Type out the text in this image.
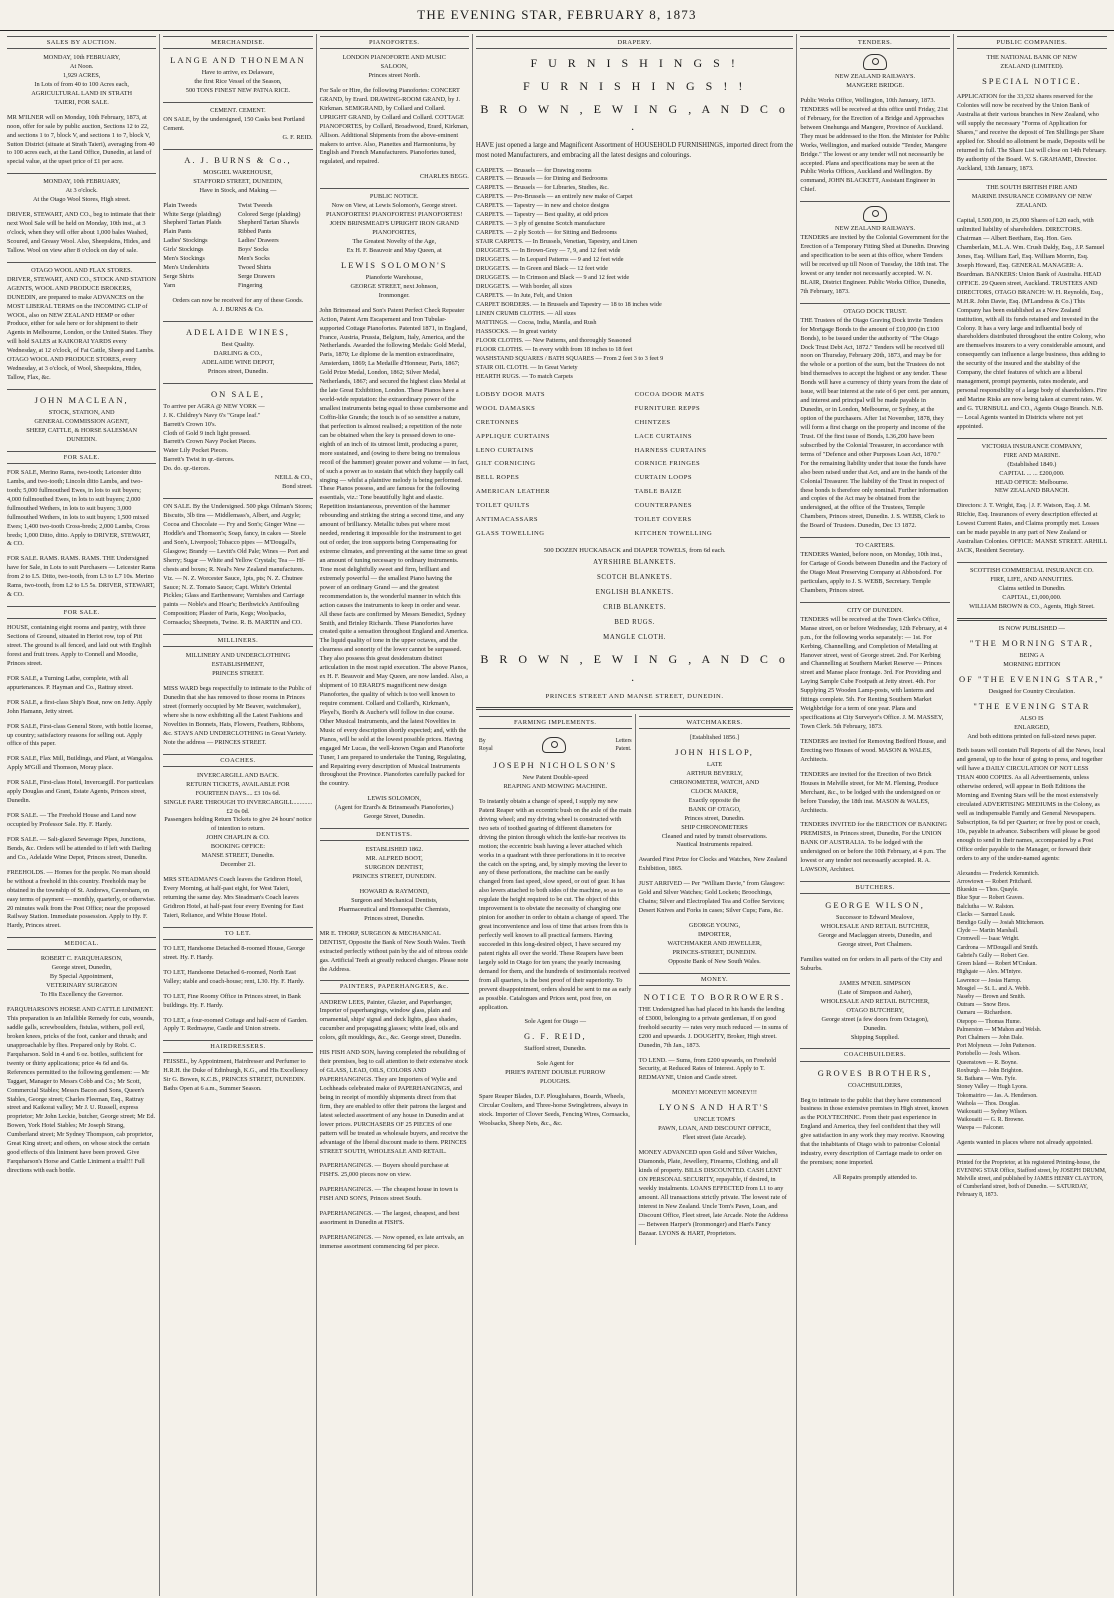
THE EVENING STAR, FEBRUARY 8, 1873
SALES BY AUCTION.
MONDAY, 10th FEBRUARY,
At Noon.
1,929 ACRES,
In Lots of from 40 to 100 Acres each,
AGRICULTURAL LAND IN STRATH
TAIERI, FOR SALE.
MR M'ILNER will on Monday, 10th February, 1873, at noon, offer for sale by public auction, Sections 12 to 22, and sections 1 to 7, block V, and sections 1 to 7, block V, Sutton District (situate at Strath Taieri), averaging from 40 to 100 acres each, at the Land Office, Dunedin, at land of special value, at the upset price of £1 per acre.
MONDAY, 10th FEBRUARY,
At 3 o'clock.
At the Otago Wool Stores, High street.
DRIVER, STEWART, AND CO., beg to intimate that their next Wool Sale will be held on Monday, 10th inst., at 3 o'clock, when they will offer about 1,000 bales Washed, Scoured, and Greasy Wool. Also, Sheepskins, Hides, and Tallow. Wool on view after 8 o'clock on day of sale.
OTAGO WOOL AND FLAX STORES.
DRIVER, STEWART, AND CO., STOCK AND STATION AGENTS, WOOL AND PRODUCE BROKERS, DUNEDIN, are prepared to make ADVANCES on the MOST LIBERAL TERMS on the INCOMING CLIP of WOOL, also on NEW ZEALAND HEMP or other Produce, either for sale here or for shipment to their Agents in Melbourne, London, or the United States. They will hold SALES at KAIKORAI YARDS every Wednesday, at 12 o'clock, of Fat Cattle, Sheep and Lambs. OTAGO WOOL AND PRODUCE STORES, every Wednesday, at 3 o'clock, of Wool, Sheepskins, Hides, Tallow, Flax, &c.
JOHN MACLEAN,
STOCK, STATION, AND
GENERAL COMMISSION AGENT,
SHEEP, CATTLE, & HORSE SALESMAN
DUNEDIN.
FOR SALE.
FOR SALE, Merino Rams, two-tooth; Leicester ditto Lambs, and two-tooth; Lincoln ditto Lambs, and two-tooth; 5,000 fullmouthed Ewes, in lots to suit buyers; 4,000 fullmouthed Ewes, in lots to suit buyers; 2,000 fullmouthed Wethers, in lots to suit buyers; 3,000 fullmouthed Wethers, in lots to suit buyers; 1,500 mixed Ewes; 1,400 two-tooth Cross-breds; 2,000 Lambs, Cross breds; 1,000 Ditto, ditto. Apply to DRIVER, STEWART, & CO.
FOR SALE. RAMS. RAMS. RAMS. THE Undersigned have for Sale, in Lots to suit Purchasers — Leicester Rams from 2 to L5. Ditto, two-tooth, from L3 to L7 10s. Merino Rams, two-tooth, from L2 to L5 5s. DRIVER, STEWART, & CO.
FOR SALE.
HOUSE, containing eight rooms and pantry, with three Sections of Ground, situated in Heriot row, top of Pitt street. The ground is all fenced, and laid out with English forest and fruit trees. Apply to Connell and Moodie, Princes street.
FOR SALE, a Turning Lathe, complete, with all appurtenances. P. Hayman and Co., Rattray street.
FOR SALE, a first-class Ship's Boat, now on Jetty. Apply John Hamann, Jetty street.
FOR SALE, First-class General Store, with bottle license, up country; satisfactory reasons for selling out. Apply office of this paper.
FOR SALE, Flax Mill, Buildings, and Plant, at Wangaloa. Apply M'Gill and Thomson, Moray place.
FOR SALE, First-class Hotel, Invercargill. For particulars apply Douglas and Grant, Estate Agents, Princes street, Dunedin.
FOR SALE. — The Freehold House and Land now occupied by Professor Sale. Hy. F. Hardy.
FOR SALE. — Salt-glazed Sewerage Pipes, Junctions, Bends, &c. Orders will be attended to if left with Darling and Co., Adelaide Wine Depot, Princes street, Dunedin.
FREEHOLDS. — Homes for the people. No man should be without a freehold in this country. Freeholds may be obtained in the township of St. Andrews, Caversham, on easy terms of payment — monthly, quarterly, or otherwise. 20 minutes walk from the Post Office; near the proposed Railway Station. Immediate possession. Apply to Hy. F. Hardy, Princes street.
MEDICAL.
ROBERT C. FARQUHARSON,
George street, Dunedin,
By Special Appointment,
VETERINARY SURGEON
To His Excellency the Governor.
FARQUHARSON'S HORSE AND CATTLE LINIMENT. This preparation is an Infallible Remedy for cuts, wounds, saddle galls, screwboulders, fistulas, withers, poll evil, broken knees, pricks of the foot, canker and thrush; and unapproachable by flies. Prepared only by Robt. C. Farquharson. Sold in 4 and 6 oz. bottles, sufficient for twenty or thirty applications; price 4s 6d and 6s. References permitted to the following gentlemen: — Mr Taggart, Manager to Messrs Cobb and Co.; Mr Scott, Commercial Stables; Messrs Bacon and Sons, Queen's Stables, George street; Charles Fleeman, Esq., Rattray street and Kaikorai valley; Mr J. U. Russell, express proprietor; Mr John Leckie, butcher, George street; Mr Ed. Bowen, York Hotel Stables; Mr Joseph Strang, Cumberland street; Mr Sydney Thompson, cab proprietor, Great King street; and others, on whose stock the certain good effects of this liniment have been proved. Give Farquharson's Horse and Cattle Liniment a trial!!! Full directions with each bottle.
MERCHANDISE.
LANGE AND THONEMAN
Have to arrive, ex Delaware,
the first Rice Vessel of the Season,
500 TONS FINEST NEW PATNA RICE.
CEMENT. CEMENT.
ON SALE, by the undersigned, 150 Casks best Portland Cement.
G. F. REID.
A. J. BURNS & Co.,
MOSGIEL WAREHOUSE,
STAFFORD STREET, DUNEDIN,
Have in Stock, and Making —
Plain Tweeds	Twist Tweeds
White Serge (plaiding)	Colored Serge (plaiding)
Shepherd Tartan Plaids	Shepherd Tartan Shawls
Plain Pants	Ribbed Pants
Ladies' Stockings	Ladies' Drawers
Girls' Stockings	Boys' Socks
Men's Stockings	Men's Socks
Men's Undershirts	Twoed Shirts
Serge Shirts	Serge Drawers
Yarn	Fingering
Orders can now be received for any of these Goods.
A. J. BURNS & Co.
ADELAIDE WINES,
Best Quality.
DARLING & CO.,
ADELAIDE WINE DEPOT,
Princes street, Dunedin.
ON SALE,
To arrive per AGRA @ NEW YORK —
J. K. Childrey's Navy 6's "Grape leaf."
Barrett's Crown 10's.
Cloth of Gold 9 inch light pressed.
Barrett's Crown Navy Pocket Pieces.
Water Lily Pocket Pieces.
Barrett's Twist in qr.-tierces.
Do. do. qr.-tierces.
NEILL & CO.,
Bond street.
ON SALE. By the Undersigned. 500 pkgs Oilman's Stores; Biscuits, 3lb tins — Middlemass's, Albert, and Argyle; Cocoa and Chocolate — Fry and Son's; Ginger Wine — Hoddle's and Thomson's; Soap, fancy, in cakes — Steele and Son's, Liverpool; Tobacco pipes — M'Dougall's, Glasgow; Brandy — Levitt's Old Pale; Wines — Port and Sherry; Sugar — White and Yellow Crystals; Tea — Hf-chests and boxes; R. Neal's New Zealand manufactures. Viz. — N. Z. Worcester Sauce, 1pts, pts; N. Z. Chutnee Sauce; N. Z. Tomato Sauce; Capt. White's Oriental Pickles; Glass and Earthenware; Varnishes and Carriage paints — Noble's and Hoar's; Berthwick's Antifouling Composition; Plaster of Paris, Kegs; Woolpacks, Cornsacks; Sheepnets, Twine. R. B. MARTIN and CO.
MILLINERS.
MILLINERY AND UNDERCLOTHING
ESTABLISHMENT,
PRINCES STREET.
MISS WARD begs respectfully to intimate to the Public of Dunedin that she has removed to those rooms in Princes street (formerly occupied by Mr Beaver, watchmaker), where she is now exhibiting all the Latest Fashions and Novelties in Bonnets, Hats, Flowers, Feathers, Ribbons, &c. STAYS AND UNDERCLOTHING in Great Variety. Note the address — PRINCES STREET.
COACHES.
INVERCARGILL AND BACK.
RETURN TICKETS, AVAILABLE FOR
FOURTEEN DAYS.... £3 10s 6d.
SINGLE FARE THROUGH TO INVERCARGILL............£2 0s 0d.
Passengers holding Return Tickets to give 24 hours' notice of intention to return.
JOHN CHAPLIN & CO.
BOOKING OFFICE:
MANSE STREET, Dunedin.
December 21.
MRS STEADMAN'S Coach leaves the Gridiron Hotel, Every Morning, at half-past eight, for West Taieri, returning the same day. Mrs Steadman's Coach leaves Gridiron Hotel, at half-past four every Evening for East Taieri, Reliance, and White House Hotel.
TO LET.
TO LET, Handsome Detached 8-roomed House, George street. Hy. F. Hardy.
TO LET, Handsome Detached 6-roomed, North East Valley; stable and coach-house; rent, L30. Hy. F. Hardy.
TO LET, Fine Roomy Office in Princes street, in Bank buildings. Hy. F. Hardy.
TO LET, a four-roomed Cottage and half-acre of Garden. Apply T. Redmayne, Castle and Union streets.
HAIRDRESSERS.
FEISSEL, by Appointment, Hairdresser and Perfumer to H.R.H. the Duke of Edinburgh, K.G., and His Excellency Sir G. Bowen, K.C.B., PRINCES STREET, DUNEDIN. Baths Open at 6 a.m., Summer Season.
PIANOFORTES.
LONDON PIANOFORTE AND MUSIC
SALOON,
Princes street North.
For Sale or Hire, the following Pianofortes: CONCERT GRAND, by Erard. DRAWING-ROOM GRAND, by J. Kirkman. SEMIGRAND, by Collard and Collard. UPRIGHT GRAND, by Collard and Collard. COTTAGE PIANOFORTES, by Collard, Broadwood, Erard, Kirkman, Allison. Additional Shipments from the above-eminent makers to arrive. Also, Pianettes and Harmoniums, by English and French Manufacturers. Pianofortes tuned, regulated, and repaired.
CHARLES BEGG.
PUBLIC NOTICE.
Now on View, at Lewis Solomon's, George street.
PIANOFORTES! PIANOFORTES! PIANOFORTES!
JOHN BRINSMEAD'S UPRIGHT IRON GRAND PIANOFORTES,
The Greatest Novelty of the Age,
Ex H. F. Beauvoir and May Queen, at
LEWIS SOLOMON'S
Pianoforte Warehouse,
GEORGE STREET, next Johnson,
Ironmonger.
John Brinsmead and Son's Patent Perfect Check Repeater Action, Patent Arm Escapement and Iron Tubular-supported Cottage Pianofortes. Patented 1871, in England, France, Austria, Prussia, Belgium, Italy, America, and the Netherlands. Awarded the following Medals: Gold Medal, Paris, 1870; Le diplome de la mention extraordinaire, Amsterdam, 1869; La Medaille d'Honneur, Paris, 1867; Gold Prize Medal, London, 1862; Silver Medal, Netherlands, 1867; and secured the highest class Medal at the late Great Exhibition, London. These Pianos have a world-wide reputation: the extraordinary power of the smallest instruments being equal to those cumbersome and Coffin-like Grands; the touch is of so sensitive a nature, that perfection is almost realised; a repetition of the note can be obtained when the key is pressed down to one-eighth of an inch of its utmost limit, producing a purer, more sustained, and (owing to there being no tremulous recoil of the hammer) greater power and volume — in fact, of such a power as to sustain that which they happily call singing — whilst a plaintive melody is being performed. These Pianos possess, and are famous for the following essentials, viz.: Tone beautifully light and elastic. Repetition instantaneous, prevention of the hammer rebounding and striking the string a second time, and any amount of brilliancy. Metallic tubes put where most needed, rendering it impossible for the instrument to get out of order, the iron supports being Compensating for extreme climates, and preventing at the same time so great an amount of tuning necessary to ordinary instruments. Tone most delightfully sweet and firm, brilliant and extremely powerful — the smallest Piano having the power of an ordinary Grand — and the greatest recommendation is, the wonderful manner in which this action causes the instruments to keep in order and wear. All these facts are confirmed by Messrs Benedict, Sydney Smith, and Brinley Richards. These Pianofortes have created quite a sensation throughout England and America. The liquid quality of tone in the upper octaves, and the clearness and sonority of the lower cannot be surpassed. They also possess this great desideratum distinct articulation in the most rapid execution. The above Pianos, ex H. F. Beauvoir and May Queen, are now landed. Also, a shipment of 10 ERARD'S magnificent new design Pianofortes, the quality of which is too well known to require comment. Collard and Collard's, Kirkman's, Pleyel's, Bord's & Aucher's will follow in due course. Other Musical Instruments, and the latest Novelties in Music of every description shortly expected; and, with the Pianos, will be sold at the lowest possible prices. Having engaged Mr Lucas, the well-known Organ and Pianoforte Tuner, I am prepared to undertake the Tuning, Regulating, and Repairing every description of Musical Instruments throughout the Province. Pianofortes carefully packed for the country.
LEWIS SOLOMON,
(Agent for Erard's & Brinsmead's Pianofortes,)
George Street, Dunedin.
DENTISTS.
ESTABLISHED 1862.
MR. ALFRED BOOT,
SURGEON DENTIST,
PRINCES STREET, DUNEDIN.
HOWARD & RAYMOND,
Surgeon and Mechanical Dentists,
Pharmaceutical and Homoepathic Chemists,
Princes street, Dunedin.
MR E. THORP, SURGEON & MECHANICAL DENTIST, Opposite the Bank of New South Wales. Teeth extracted perfectly without pain by the aid of nitrous oxide gas. Artificial Teeth at greatly reduced charges. Please note the Address.
PAINTERS, PAPERHANGERS, &c.
ANDREW LEES, Painter, Glazier, and Paperhanger, Importer of paperhangings, window glass, plain and ornamental, ships' signal and deck lights, glass shades, cucumber and propagating glasses; white lead, oils and colors, gilt mouldings, &c., &c. George street, Dunedin.
HIS FISH AND SON, having completed the rebuilding of their premises, beg to call attention to their extensive stock of GLASS, LEAD, OILS, COLORS AND PAPERHANGINGS. They are Importers of Wylie and Lochheads celebrated make of PAPERHANGINGS, and being in receipt of monthly shipments direct from that firm, they are enabled to offer their patrons the largest and latest selected assortment of any house in Dunedin and at lower prices. PURCHASERS OF 25 PIECES of one pattern will be treated as wholesale buyers, and receive the advantage of the liberal discount made to them. PRINCES STREET SOUTH, WHOLESALE AND RETAIL.
PAPERHANGINGS. — Buyers should purchase at FISH'S. 25,000 pieces now on view.
PAPERHANGINGS. — The cheapest house in town is FISH AND SON'S, Princes street South.
PAPERHANGINGS. — The largest, cheapest, and best assortment in Dunedin at FISH'S.
PAPERHANGINGS. — Now opened, ex late arrivals, an immense assortment commencing 6d per piece.
DRAPERY.
F U R N I S H I N G S !
F U R N I S H I N G S ! !
B R O W N , E W I N G , A N D C o .
HAVE just opened a large and Magnificent Assortment of HOUSEHOLD FURNISHINGS, imported direct from the most noted Manufacturers, and embracing all the latest designs and colourings.
CARPETS. — Brussels — for Drawing rooms
CARPETS. — Brussels — for Dining and Bedrooms
CARPETS. — Brussels — for Libraries, Studies, &c.
CARPETS. — Pro-Brussels — an entirely new make of Carpet
CARPETS. — Tapestry — in new and choice designs
CARPETS. — Tapestry — Best quality, at odd prices
CARPETS. — 3 ply of genuine Scotch manufacture
CARPETS. — 2 ply Scotch — for Sitting and Bedrooms
STAIR CARPETS. — In Brussels, Venetian, Tapestry, and Linen
DRUGGETS. — In Brown-Grey — 7, 9, and 12 feet wide
DRUGGETS. — In Leopard Patterns — 9 and 12 feet wide
DRUGGETS. — In Green and Black — 12 feet wide
DRUGGETS. — In Crimson and Black — 9 and 12 feet wide
DRUGGETS. — With border, all sizes
CARPETS. — In Jute, Felt, and Union
CARPET BORDERS. — In Brussels and Tapestry — 18 to 18 inches wide
LINEN CRUMB CLOTHS. — All sizes
MATTINGS. — Cocoa, India, Manila, and Rush
HASSOCKS. — In great variety
FLOOR CLOTHS. — New Patterns, and thoroughly Seasoned
FLOOR CLOTHS. — In every width from 18 inches to 18 feet
WASHSTAND SQUARES / BATH SQUARES — From 2 feet 3 to 3 feet 9
STAIR OIL CLOTH. — In Great Variety
HEARTH RUGS. — To match Carpets
LOBBY DOOR MATS	COCOA DOOR MATS
WOOL DAMASKS	FURNITURE REPPS
CRETONNES	CHINTZES
APPLIQUE CURTAINS	LACE CURTAINS
LENO CURTAINS	HARNESS CURTAINS
GILT CORNICING	CORNICE FRINGES
BELL ROPES	CURTAIN LOOPS
AMERICAN LEATHER	TABLE BAIZE
TOILET QUILTS	COUNTERPANES
ANTIMACASSARS	TOILET COVERS
GLASS TOWELLING	KITCHEN TOWELLING
500 DOZEN HUCKABACK and DIAPER TOWELS, from 6d each.
AYRSHIRE BLANKETS.
SCOTCH BLANKETS.
ENGLISH BLANKETS.
CRIB BLANKETS.
BED RUGS.
MANGLE CLOTH.
B R O W N , E W I N G , A N D C o .
PRINCES STREET AND MANSE STREET, DUNEDIN.
FARMING IMPLEMENTS.
By
Royal
Letters
Patent.
JOSEPH NICHOLSON'S
New Patent Double-speed
REAPING AND MOWING MACHINE.
To instantly obtain a change of speed, I supply my new Patent Reaper with an eccentric bush on the axle of the main driving wheel; and my driving wheel is constructed with two sets of toothed gearing of different diameters for driving the pinion through which the knife-bar receives its motion; the eccentric bush having a lever attached which works in a quadrant with three perforations in it to receive the catch on the spring, and, by simply moving the lever to any of these perforations, the machine can be easily changed from fast speed, slow speed, or out of gear. It has also levers attached to both sides of the machine, so as to regulate the height required to be cut. The object of this improvement is to obviate the necessity of changing one pinion for another in order to obtain a change of speed. The great inconvenience and loss of time that arises from this is perfectly well known to all practical farmers. Having succeeded in this long-desired object, I have secured my patent rights all over the world. These Reapers have been largely sold in Otago for ten years; the yearly increasing demand for them, and the hundreds of testimonials received from all quarters, is the best proof of their superiority. To prevent disappointment, orders should be sent to me as early as possible. Catalogues and Prices sent, post free, on application.
Sole Agent for Otago —
G. F. REID,
Stafford street, Dunedin.
Sole Agent for
PIRIE'S PATENT DOUBLE FURROW
PLOUGHS.
Spare Reaper Blades, D.F. Ploughshares, Boards, Wheels, Circular Coulters, and Three-horse Swingletrees, always in stock. Importer of Clover Seeds, Fencing Wires, Cornsacks, Woolsacks, Sheep Nets, &c., &c.
WATCHMAKERS.
[Established 1856.]
JOHN HISLOP,
LATE
ARTHUR BEVERLY,
CHRONOMETER, WATCH, AND
CLOCK MAKER,
Exactly opposite the
BANK OF OTAGO,
Princes street, Dunedin.
SHIP CHRONOMETERS
Cleaned and rated by transit observations.
Nautical Instruments repaired.
Awarded First Prize for Clocks and Watches, New Zealand Exhibition, 1865.
JUST ARRIVED — Per "William Davie," from Glasgow: Gold and Silver Watches; Gold Lockets; Broochings, Chains; Silver and Electroplated Tea and Coffee Services; Desert Knives and Forks in cases; Silver Cups; Fans, &c.
GEORGE YOUNG,
IMPORTER,
WATCHMAKER AND JEWELLER,
PRINCES-STREET, DUNEDIN.
Opposite Bank of New South Wales.
MONEY.
NOTICE TO BORROWERS.
THE Undersigned has had placed in his hands the lending of £3000, belonging to a private gentleman, if on good freehold security — rates very much reduced — in sums of £200 and upwards. J. DOUGHTY, Broker, High street. Dunedin, 7th Jan., 1873.
TO LEND. — Sums, from £200 upwards, on Freehold Security, at Reduced Rates of Interest. Apply to T. REDMAYNE, Union and Castle street.
MONEY! MONEY!! MONEY!!!
LYONS AND HART'S
UNCLE TOM'S
PAWN, LOAN, AND DISCOUNT OFFICE,
Fleet street (late Arcade).
MONEY ADVANCED upon Gold and Silver Watches, Diamonds, Plate, Jewellery, Firearms, Clothing, and all kinds of property. BILLS DISCOUNTED. CASH LENT ON PERSONAL SECURITY, repayable, if desired, in weekly instalments. LOANS EFFECTED from L1 to any amount. All transactions strictly private. The lowest rate of interest in New Zealand. Uncle Tom's Pawn, Loan, and Discount Office, Fleet street, late Arcade. Note the Address — Between Harper's (Ironmonger) and Hart's Fancy Bazaar. LYONS & HART, Proprietors.
TENDERS.
NEW ZEALAND RAILWAYS.
MANGERE BRIDGE.
Public Works Office, Wellington, 10th January, 1873. TENDERS will be received at this office until Friday, 21st of February, for the Erection of a Bridge and Approaches between Onehunga and Mangere, Province of Auckland. They must be addressed to the Hon. the Minister for Public Works, Wellington, and marked outside "Tender, Mangere Bridge." The lowest or any tender will not necessarily be accepted. Plans and specifications may be seen at the Public Works Offices, Auckland and Wellington. By command, JOHN BLACKETT, Assistant Engineer in Chief.
NEW ZEALAND RAILWAYS.
TENDERS are invited by the Colonial Government for the Erection of a Temporary Fitting Shed at Dunedin. Drawing and specification to be seen at this office, where Tenders will be received up till Noon of Tuesday, the 18th inst. The lowest or any tender not necessarily accepted. W. N. BLAIR, District Engineer. Public Works Office, Dunedin, 7th February, 1873.
OTAGO DOCK TRUST.
THE Trustees of the Otago Graving Dock invite Tenders for Mortgage Bonds to the amount of £10,000 (in £100 Bonds), to be issued under the authority of "The Otago Dock Trust Debt Act, 1872." Tenders will be received till noon on Thursday, February 20th, 1873, and may be for the whole or a portion of the sum, but the Trustees do not bind themselves to accept the highest or any tender. These Bonds will have a currency of thirty years from the date of issue, will bear interest at the rate of 6 per cent. per annum, and interest and principal will be made payable in Dunedin, or in London, Melbourne, or Sydney, at the option of the purchasers. After 1st November, 1878, they will form a first charge on the property and income of the Trust. Of the first issue of Bonds, L36,200 have been subscribed by the Colonial Treasurer, in accordance with terms of "Defence and other Purposes Loan Act, 1870." For the remaining liability under that issue the funds have also been raised under that Act, and are in the hands of the Colonial Treasurer. The liability of the Trust in respect of these bonds is therefore only nominal. Further information and copies of the Act may be obtained from the undersigned, at the office of the Trustees, Temple Chambers, Princes street, Dunedin. J. S. WEBB, Clerk to the Board of Trustees. Dunedin, Dec 13 1872.
TO CARTERS.
TENDERS Wanted, before noon, on Monday, 10th inst., for Cartage of Goods between Dunedin and the Factory of the Otago Meat Preserving Company at Abbotsford. For particulars, apply to J. S. WEBB, Secretary. Temple Chambers, Princes street.
CITY OF DUNEDIN.
TENDERS will be received at the Town Clerk's Office, Manse street, on or before Wednesday, 12th February, at 4 p.m., for the following works separately: — 1st. For Kerbing, Channelling, and Completion of Metalling at Hanover street, west of George street. 2nd. For Kerbing and Channelling at Southern Market Reserve — Princes street and Manse place frontage. 3rd. For Providing and Laying Sample Cube Footpath at Jetty street. 4th. For Supplying 25 Wooden Lamp-posts, with lanterns and fittings complete. 5th. For Renting Southern Market Weighbridge for a term of one year. Plans and specifications at City Surveyor's Office. J. M. MASSEY, Town Clerk. 5th February, 1873.
TENDERS are invited for Removing Bedford House, and Erecting two Houses of wood. MASON & WALES, Architects.
TENDERS are invited for the Erection of two Brick Houses in Melville street, for Mr M. Fleming, Produce Merchant, &c., to be lodged with the undersigned on or before Tuesday, the 18th inst. MASON & WALES, Architects.
TENDERS INVITED for the ERECTION OF BANKING PREMISES, in Princes street, Dunedin, For the UNION BANK OF AUSTRALIA. To be lodged with the undersigned on or before the 10th February, at 4 p.m. The lowest or any tender not necessarily accepted. R. A. LAWSON, Architect.
BUTCHERS.
GEORGE WILSON,
Successor to Edward Mealove,
WHOLESALE AND RETAIL BUTCHER,
George and Maclaggan streets, Dunedin, and
George street, Port Chalmers.
Families waited on for orders in all parts of the City and Suburbs.
JAMES M'NEIL SIMPSON
(Late of Simpson and Asher),
WHOLESALE AND RETAIL BUTCHER,
OTAGO BUTCHERY,
George street (a few doors from Octagon),
Dunedin.
Shipping Supplied.
COACHBUILDERS.
GROVES BROTHERS,
COACHBUILDERS,
Beg to intimate to the public that they have commenced business in those extensive premises in High street, known as the POLYTECHNIC. From their past experience in England and America, they feel confident that they will give satisfaction in any work they may receive. Knowing that the inhabitants of Otago wish to patronise Colonial industry, every description of Carriage made to order on the premises; none imported.
All Repairs promptly attended to.
PUBLIC COMPANIES.
THE NATIONAL BANK OF NEW
ZEALAND (LIMITED).
SPECIAL NOTICE.
APPLICATION for the 33,332 shares reserved for the Colonies will now be received by the Union Bank of Australia at their various branches in New Zealand, who will supply the necessary "Forms of Application for Shares," and receive the deposit of Ten Shillings per Share applied for. Should no allotment be made, Deposits will be returned in full. The Share List will close on 14th February. By authority of the Board. W. S. GRAHAME, Director. Auckland, 13th January, 1873.
THE SOUTH BRITISH FIRE AND
MARINE INSURANCE COMPANY OF NEW ZEALAND.
Capital, L500,000, in 25,000 Shares of L20 each, with unlimited liability of shareholders. DIRECTORS. Chairman — Albert Beetham, Esq. Hon. Geo. Chamberlain, M.L.A. Wm. Crush Daldy, Esq., J.P. Samuel Jones, Esq. William Earl, Esq. William Morrin, Esq. Joseph Howard, Esq. GENERAL MANAGER: A. Boardman. BANKERS: Union Bank of Australia. HEAD OFFICE. 29 Queen street, Auckland. TRUSTEES AND DIRECTORS, OTAGO BRANCH: W. H. Reynolds, Esq., M.H.R. John Davie, Esq. (M'Landress & Co.) This Company has been established as a New Zealand institution, with all its funds retained and invested in the Colony. It has a very large and influential body of shareholders distributed throughout the entire Colony, who are themselves insurers to a very considerable amount, and consequently can influence a large business, thus adding to the security of the insured and the stability of the Company, the chief features of which are a liberal management, prompt payments, rates moderate, and personal responsibility of a large body of shareholders. Fire and Marine Risks are now being taken at current rates. W. and G. TURNBULL and CO., Agents Otago Branch. N.B. — Local Agents wanted in Districts where not yet appointed.
VICTORIA INSURANCE COMPANY,
FIRE AND MARINE.
(Established 1849.)
CAPITAL ... ... £200,000.
HEAD OFFICE: Melbourne.
NEW ZEALAND BRANCH.
Directors: J. T. Wright, Esq. | J. F. Watson, Esq. J. M. Ritchie, Esq. Insurances of every description effected at Lowest Current Rates, and Claims promptly met. Losses can be made payable in any part of New Zealand or Australian Colonies. OFFICE: MANSE STREET. ARHILL JACK, Resident Secretary.
SCOTTISH COMMERCIAL INSURANCE CO.
FIRE, LIFE, AND ANNUITIES.
Claims settled in Dunedin.
CAPITAL, £1,000,000.
WILLIAM BROWN & CO., Agents, High Street.
IS NOW PUBLISHED —
"THE MORNING STAR,
BEING A
MORNING EDITION
OF "THE EVENING STAR,"
Designed for Country Circulation.
"THE EVENING STAR
ALSO IS
ENLARGED,
And both editions printed on full-sized news paper.
Both issues will contain Full Reports of all the News, local and general, up to the hour of going to press, and together will have a DAILY CIRCULATION OF NOT LESS THAN 4000 COPIES. As all Advertisements, unless otherwise ordered, will appear in Both Editions the Morning and Evening Stars will be the most extensively circulated ADVERTISING MEDIUMS in the Colony, as well as indispensable Family and General Newspapers. Subscription, 6s 6d per Quarter; or free by post or coach, 10s, payable in advance. Subscribers will please be good enough to send in their names, accompanied by a Post Office order payable to the Manager, or forward their orders to any of the under-named agents:
Alexandra — Frederick Kemmitch.
Arrowtown — Robert Pritchard.
Blueskin — Thos. Quayle.
Blue Spur — Robert Graves.
Balclutha — W. Ralston.
Clacks — Samuel Leask.
Bendigo Gully — Josiah Mitchenson.
Clyde — Martin Marshall.
Cromwell — Isaac Wright.
Cardrona — M'Dougall and Smith.
Gabriel's Gully — Robert Gee.
Green Island — Robert M'Crakan.
Highgate — Alex. M'Intyre.
Lawrence — Josias Harrop.
Mosgiel — St. L. and A. Webb.
Naseby — Brown and Smith.
Outram — Snow Bros.
Oamaru — Richardson.
Otepopo — Thomas Hume.
Palmerston — M'Mahon and Welsh.
Port Chalmers — John Dale.
Port Molyneux — John Patterson.
Portobello — Josh. Wilson.
Queenstown — R. Boyne.
Roxburgh — John Brighton.
St. Bathans — Wm. Fyfe.
Stoney Valley — Hugh Lyons.
Tokomairiro — Jas. A. Henderson.
Waihola — Thos. Douglas.
Waikouaiti — Sydney Wilson.
Waikouaiti — G. R. Browne.
Warepa — Falconer.
Agents wanted in places where not already appointed.
Printed for the Proprietor, at his registered Printing-house, the EVENING STAR Office, Stafford street, by JOSEPH DRUMM, Melville street, and published by JAMES HENRY CLAYTON, of Cumberland street, both of Dunedin. — SATURDAY, February 8, 1873.
